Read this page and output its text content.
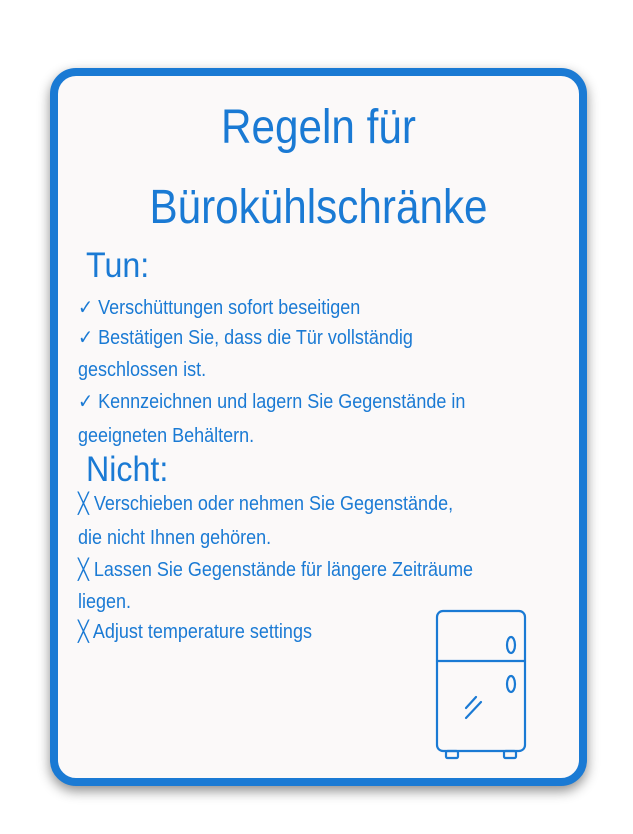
Regeln für
Bürokühlschränke
Tun:
✓ Verschüttungen sofort beseitigen
✓ Bestätigen Sie, dass die Tür vollständig
geschlossen ist.
✓ Kennzeichnen und lagern Sie Gegenstände in
geeigneten Behältern.
Nicht:
╳ Verschieben oder nehmen Sie Gegenstände,
die nicht Ihnen gehören.
╳ Lassen Sie Gegenstände für längere Zeiträume
liegen.
╳ Adjust temperature settings
